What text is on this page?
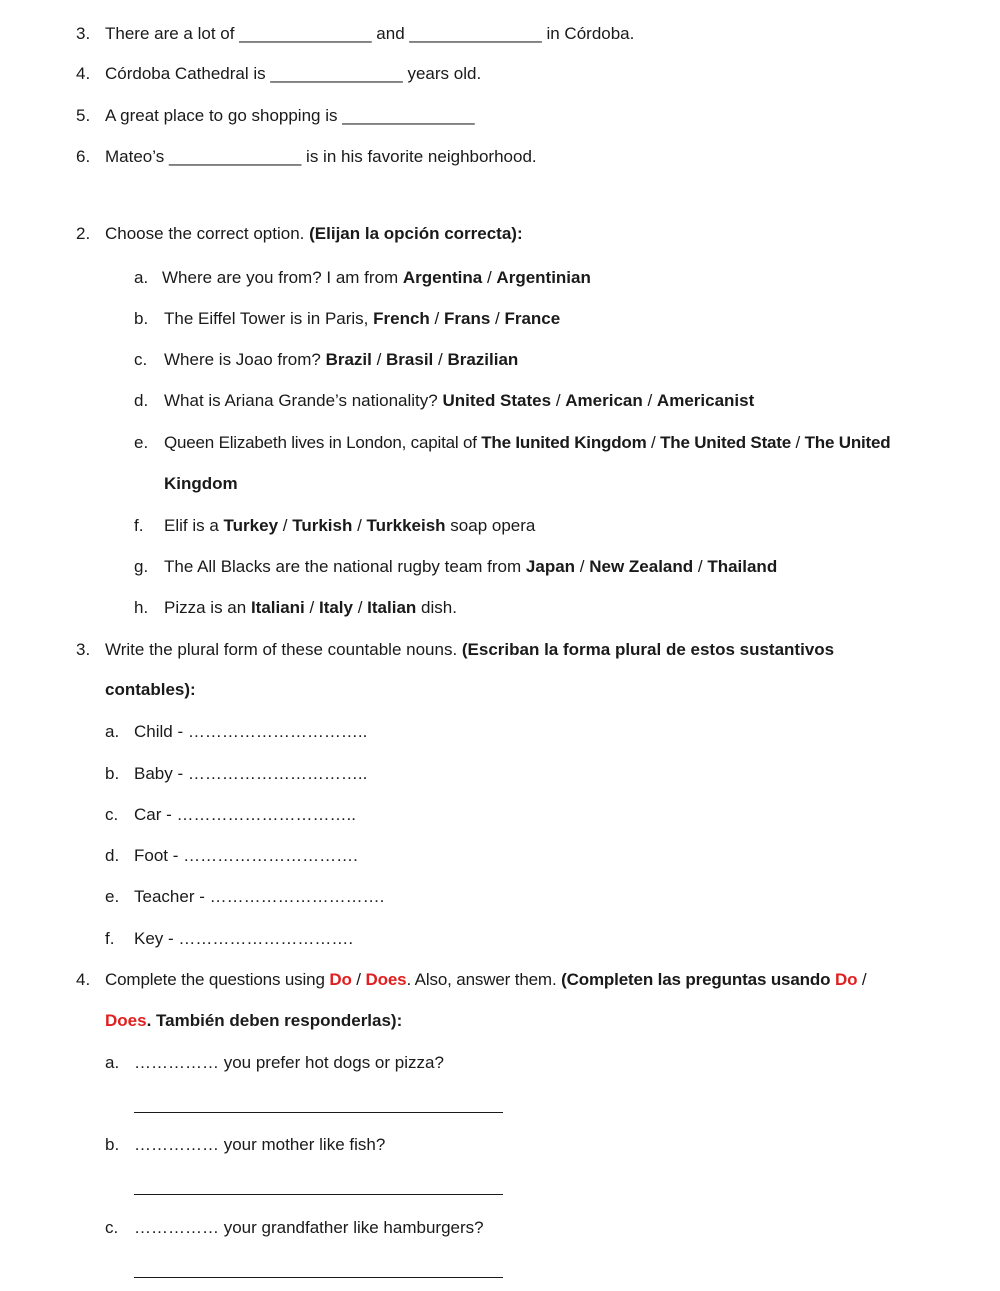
3. There are a lot of ______________ and ______________ in Córdoba.
4. Córdoba Cathedral is ______________ years old.
5. A great place to go shopping is ______________
6. Mateo’s ______________ is in his favorite neighborhood.
2. Choose the correct option. (Elijan la opción correcta):
a. Where are you from? I am from Argentina / Argentinian
b. The Eiffel Tower is in Paris, French / Frans / France
c. Where is Joao from? Brazil / Brasil / Brazilian
d. What is Ariana Grande’s nationality? United States / American / Americanist
e. Queen Elizabeth lives in London, capital of The Iunited Kingdom / The United State / The United
Kingdom
f. Elif is a Turkey / Turkish / Turkkeish soap opera
g. The All Blacks are the national rugby team from Japan / New Zealand / Thailand
h. Pizza is an Italiani / Italy / Italian dish.
3. Write the plural form of these countable nouns. (Escriban la forma plural de estos sustantivos
contables):
a. Child - …………………………..
b. Baby - …………………………..
c. Car - …………………………..
d. Foot - ………………………….
e. Teacher - ………………………….
f. Key - ………………………….
4. Complete the questions using Do / Does. Also, answer them. (Completen las preguntas usando Do /
Does. También deben responderlas):
a. …………… you prefer hot dogs or pizza?
b. …………… your mother like fish?
c. …………… your grandfather like hamburgers?
